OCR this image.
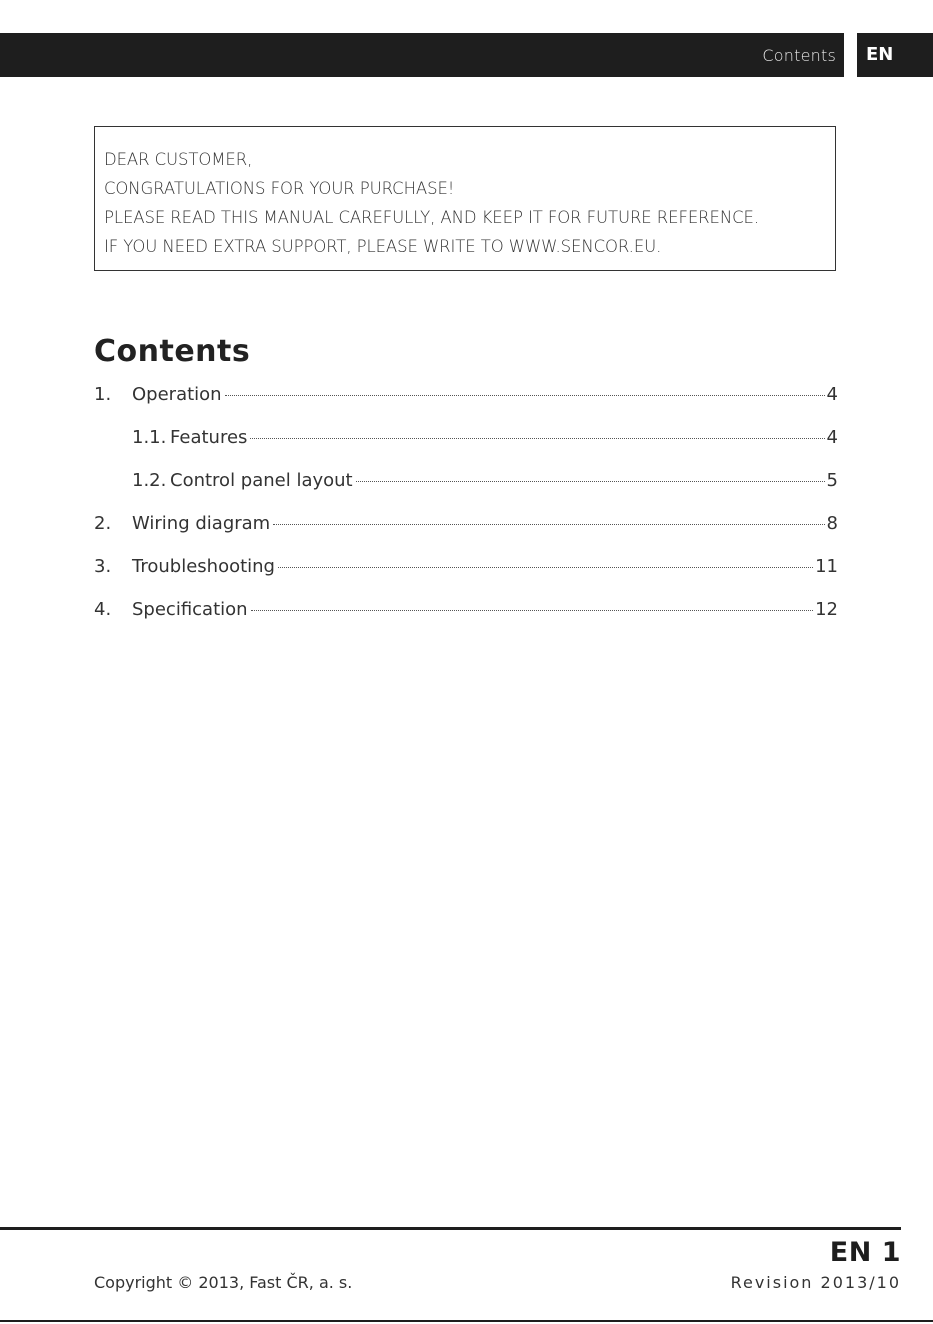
Contents	EN
DEAR CUSTOMER,
CONGRATULATIONS FOR YOUR PURCHASE!
PLEASE READ THIS MANUAL CAREFULLY, AND KEEP IT FOR FUTURE REFERENCE.
IF YOU NEED EXTRA SUPPORT, PLEASE WRITE TO WWW.SENCOR.EU.
Contents
1.	Operation	4
1.1. Features	4
1.2. Control panel layout	5
2.	Wiring diagram	8
3.	Troubleshooting	11
4.	Specification	12
EN 1
Copyright © 2013, Fast ČR, a. s.	Revision 2013/10
